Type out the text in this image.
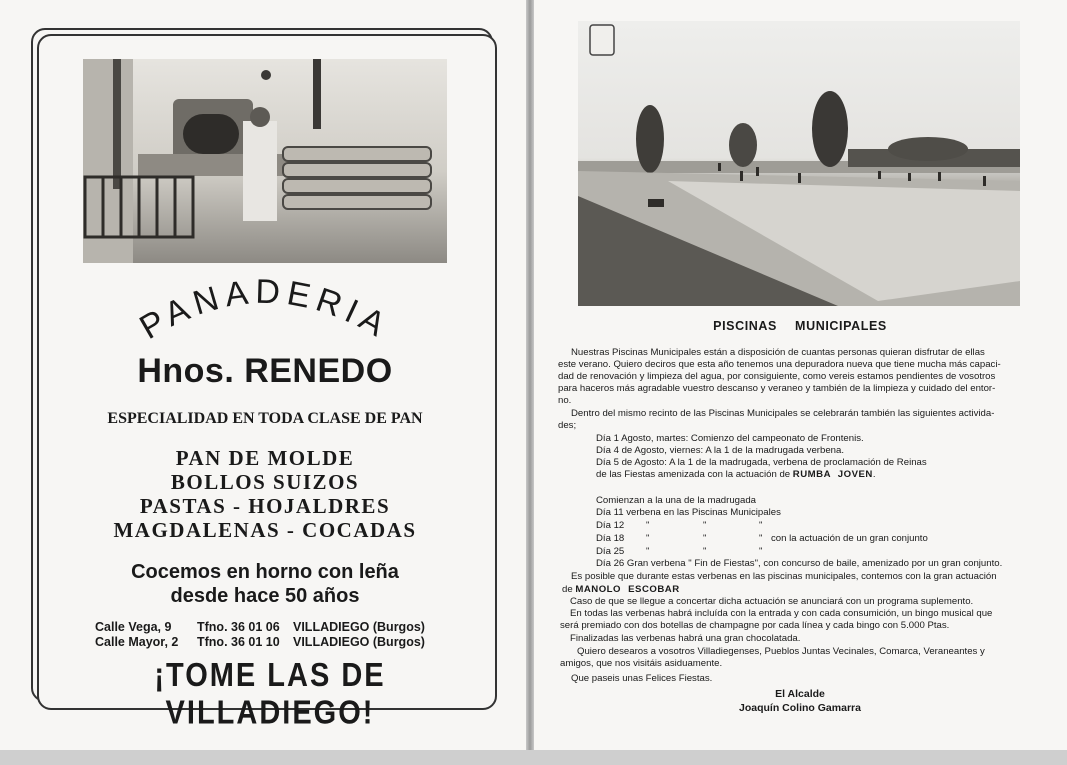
PANADERIA
Hnos. RENEDO
ESPECIALIDAD EN TODA CLASE DE PAN
PAN DE MOLDE
BOLLOS SUIZOS
PASTAS - HOJALDRES
MAGDALENAS - COCADAS
Cocemos en horno con leña
desde hace 50 años
Calle Vega, 9 Tfno. 36 01 06 VILLADIEGO (Burgos)
Calle Mayor, 2 Tfno. 36 01 10 VILLADIEGO (Burgos)
¡TOME LAS DE VILLADIEGO!
PISCINAS MUNICIPALES
Nuestras Piscinas Municipales están a disposición de cuantas personas quieran disfrutar de ellas
este verano. Quiero deciros que esta año tenemos una depuradora nueva que tiene mucha más capaci-
dad de renovación y limpieza del agua, por consiguiente, como vereis estamos pendientes de vosotros
para haceros más agradable vuestro descanso y veraneo y también de la limpieza y cuidado del entor-
no.
Dentro del mismo recinto de las Piscinas Municipales se celebrarán también las siguientes activida-
des;
Día 1 Agosto, martes: Comienzo del campeonato de Frontenis.
Día 4 de Agosto, viernes: A la 1 de la madrugada verbena.
Día 5 de Agosto: A la 1 de la madrugada, verbena de proclamación de Reinas
de las Fiestas amenizada con la actuación de RUMBA JOVEN.
Comienzan a la una de la madrugada
Día 11 verbena en las Piscinas Municipales
Día 12 "	"	"
Día 18 "	"	" con la actuación de un gran conjunto
Día 25 "	"	"
Día 26 Gran verbena " Fin de Fiestas", con concurso de baile, amenizado por un gran conjunto.
Es posible que durante estas verbenas en las piscinas municipales, contemos con la gran actuación
de MANOLO ESCOBAR
Caso de que se llegue a concertar dicha actuación se anunciará con un programa suplemento.
En todas las verbenas habrá incluída con la entrada y con cada consumición, un bingo musical que
será premiado con dos botellas de champagne por cada línea y cada bingo con 5.000 Ptas.
Finalizadas las verbenas habrá una gran chocolatada.
Quiero desearos a vosotros Villadiegenses, Pueblos Juntas Vecinales, Comarca, Veraneantes y
amigos, que nos visitáis asiduamente.
Que paseis unas Felices Fiestas.
El Alcalde
Joaquín Colino Gamarra
